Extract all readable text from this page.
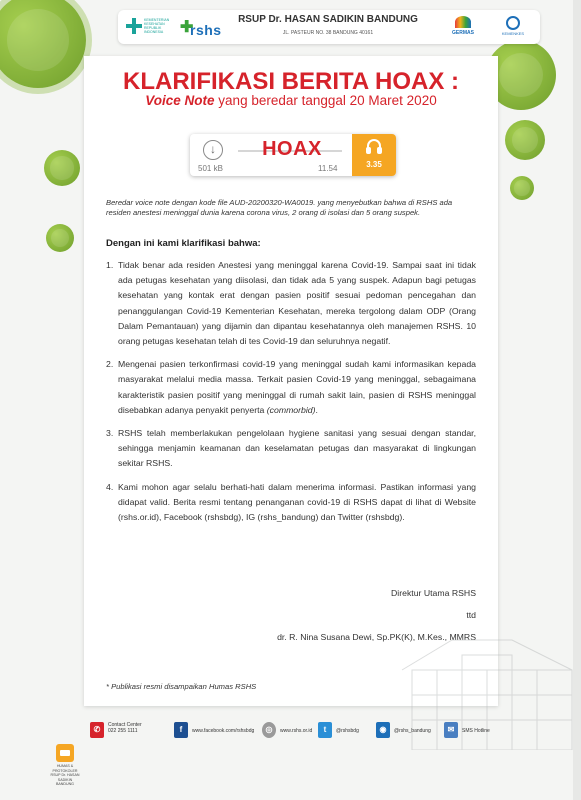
KEMENTERIAN KESEHATAN REPUBLIK INDONESIA ✚
rshs
RSUP Dr. HASAN SADIKIN BANDUNG
JL. PASTEUR NO. 38 BANDUNG 40161	GERMAS	KEMENKES
KLARIFIKASI BERITA HOAX :
Voice Note yang beredar tanggal 20 Maret 2020
↓
501 kB
HOAX
11.54	3.35
Beredar voice note dengan kode file AUD-20200320-WA0019. yang menyebutkan bahwa di RSHS ada residen anestesi meninggal dunia karena corona virus, 2 orang di isolasi dan 5 orang suspek.
Dengan ini kami klarifikasi bahwa:
1. Tidak benar ada residen Anestesi yang meninggal karena Covid-19. Sampai saat ini tidak ada petugas kesehatan yang diisolasi, dan tidak ada 5 yang suspek. Adapun bagi petugas kesehatan yang kontak erat dengan pasien positif sesuai pedoman pencegahan dan penanggulangan Covid-19 Kementerian Kesehatan, mereka tergolong dalam ODP (Orang Dalam Pemantauan) yang dijamin dan dipantau kesehatannya oleh manajemen RSHS. 10 orang petugas kesehatan telah di tes Covid-19 dan seluruhnya negatif.
2. Mengenai pasien terkonfirmasi covid-19 yang meninggal sudah kami informasikan kepada masyarakat melalui media massa. Terkait pasien Covid-19 yang meninggal, sebagaimana karakteristik pasien positif yang meninggal di rumah sakit lain, pasien di RSHS meninggal disebabkan adanya penyakit penyerta (commorbid).
3. RSHS telah memberlakukan pengelolaan hygiene sanitasi yang sesuai dengan standar, sehingga menjamin keamanan dan keselamatan petugas dan masyarakat di lingkungan sekitar RSHS.
4. Kami mohon agar selalu berhati-hati dalam menerima informasi. Pastikan informasi yang didapat valid. Berita resmi tentang penanganan covid-19 di RSHS dapat di lihat di Website (rshs.or.id), Facebook (rshsbdg), IG (rshs_bandung) dan Twitter (rshsbdg).
Direktur Utama RSHS
ttd
dr. R. Nina Susana Dewi, Sp.PK(K), M.Kes., MMRS
* Publikasi resmi disampaikan Humas RSHS
✆	Contact Center
022 255 1111	f	www.facebook.com/rshsbdg	◎	www.rshs.or.id	t	@rshsbdg	◉	@rshs_bandung	✉	SMS Hotline
HUMAS & PROTOKOLER RSUP Dr. HASAN SADIKIN BANDUNG
